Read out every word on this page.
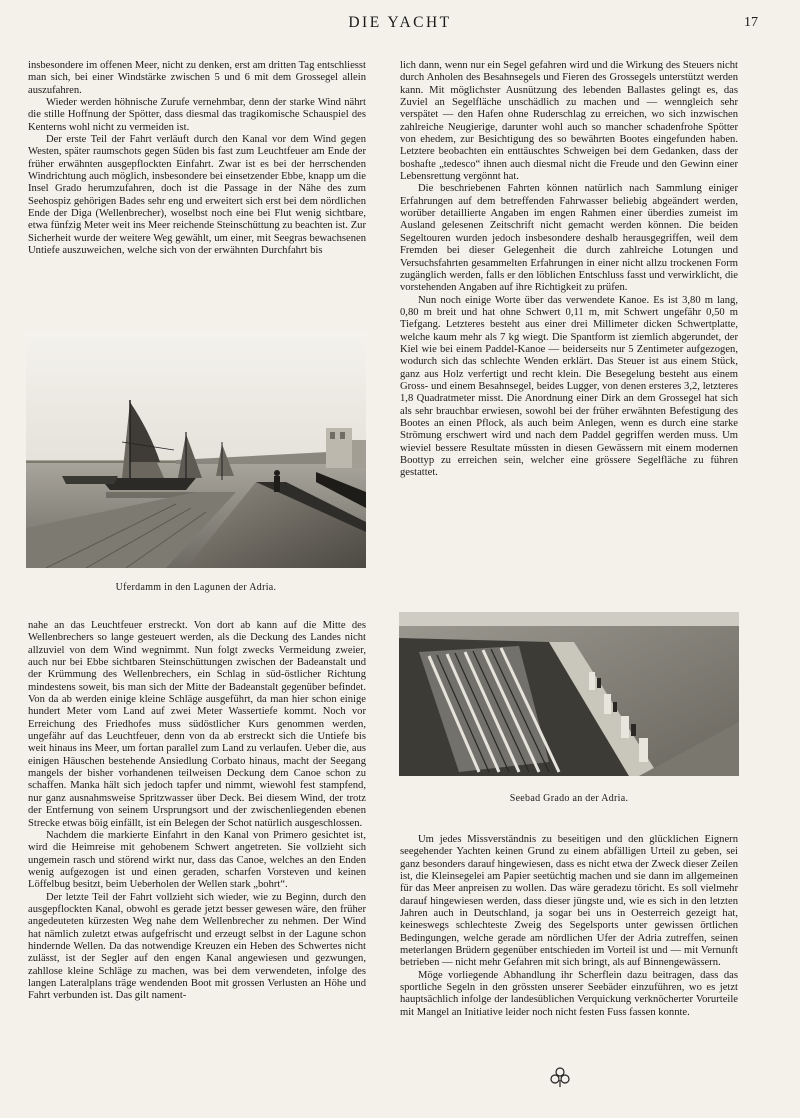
DIE YACHT	17

insbesondere im offenen Meer, nicht zu denken, erst am dritten Tag entschliesst man sich, bei einer Windstärke zwischen 5 und 6 mit dem Grossegel allein auszufahren.

Wieder werden höhnische Zurufe vernehmbar, denn der starke Wind nährt die stille Hoffnung der Spötter, dass diesmal das tragikomische Schauspiel des Kenterns wohl nicht zu vermeiden ist.

Der erste Teil der Fahrt verläuft durch den Kanal vor dem Wind gegen Westen, später raumschots gegen Süden bis fast zum Leuchtfeuer am Ende der früher erwähnten ausgepflockten Einfahrt. Zwar ist es bei der herrschenden Windrichtung auch möglich, insbesondere bei einsetzender Ebbe, knapp um die Insel Grado herumzufahren, doch ist die Passage in der Nähe des zum Seehospiz gehörigen Bades sehr eng und erweitert sich erst bei dem nördlichen Ende der Diga (Wellenbrecher), woselbst noch eine bei Flut wenig sichtbare, etwa fünfzig Meter weit ins Meer reichende Steinschüttung zu beachten ist. Zur Sicherheit wurde der weitere Weg gewählt, um einer, mit Seegras bewachsenen Untiefe auszuweichen, welche sich von der erwähnten Durchfahrt bis

Uferdamm in den Lagunen der Adria.

nahe an das Leuchtfeuer erstreckt. Von dort ab kann auf die Mitte des Wellenbrechers so lange gesteuert werden, als die Deckung des Landes nicht allzuviel von dem Wind wegnimmt. Nun folgt zwecks Vermeidung zweier, auch nur bei Ebbe sichtbaren Steinschüttungen zwischen der Badeanstalt und der Krümmung des Wellenbrechers, ein Schlag in süd-östlicher Richtung mindestens soweit, bis man sich der Mitte der Badeanstalt gegenüber befindet. Von da ab werden einige kleine Schläge ausgeführt, da man hier schon einige hundert Meter vom Land auf zwei Meter Wassertiefe kommt. Noch vor Erreichung des Friedhofes muss südöstlicher Kurs genommen werden, ungefähr auf das Leuchtfeuer, denn von da ab erstreckt sich die Untiefe bis weit hinaus ins Meer, um fortan parallel zum Land zu verlaufen. Ueber die, aus einigen Häuschen bestehende Ansiedlung Corbato hinaus, macht der Seegang mangels der bisher vorhandenen teilweisen Deckung dem Canoe schon zu schaffen. Manka hält sich jedoch tapfer und nimmt, wiewohl fest stampfend, nur ganz ausnahmsweise Spritzwasser über Deck. Bei diesem Wind, der trotz der Entfernung von seinem Ursprungsort und der zwischenliegenden ebenen Strecke etwas böig einfällt, ist ein Belegen der Schot natürlich ausgeschlossen.

Nachdem die markierte Einfahrt in den Kanal von Primero gesichtet ist, wird die Heimreise mit gehobenem Schwert angetreten. Sie vollzieht sich ungemein rasch und störend wirkt nur, dass das Canoe, welches an den Enden wenig aufgezogen ist und einen geraden, scharfen Vorsteven und keinen Löffelbug besitzt, beim Ueberholen der Wellen stark „bohrt“.

Der letzte Teil der Fahrt vollzieht sich wieder, wie zu Beginn, durch den ausgepflockten Kanal, obwohl es gerade jetzt besser gewesen wäre, den früher angedeuteten kürzesten Weg nahe dem Wellenbrecher zu nehmen. Der Wind hat nämlich zuletzt etwas aufgefrischt und erzeugt selbst in der Lagune schon hindernde Wellen. Da das notwendige Kreuzen ein Heben des Schwertes nicht zulässt, ist der Segler auf den engen Kanal angewiesen und gezwungen, zahllose kleine Schläge zu machen, was bei dem verwendeten, infolge des langen Lateralplans träge wendenden Boot mit grossen Verlusten an Höhe und Fahrt verbunden ist. Das gilt nament-

lich dann, wenn nur ein Segel gefahren wird und die Wirkung des Steuers nicht durch Anholen des Besahnsegels und Fieren des Grossegels unterstützt werden kann. Mit möglichster Ausnützung des lebenden Ballastes gelingt es, das Zuviel an Segelfläche unschädlich zu machen und — wenngleich sehr verspätet — den Hafen ohne Ruderschlag zu erreichen, wo sich inzwischen zahlreiche Neugierige, darunter wohl auch so mancher schadenfrohe Spötter von ehedem, zur Besichtigung des so bewährten Bootes eingefunden haben. Letztere beobachten ein enttäuschtes Schweigen bei dem Gedanken, dass der boshafte „tedesco“ ihnen auch diesmal nicht die Freude und den Gewinn einer Lebensrettung vergönnt hat.

Die beschriebenen Fahrten können natürlich nach Sammlung einiger Erfahrungen auf dem betreffenden Fahrwasser beliebig abgeändert werden, worüber detaillierte Angaben im engen Rahmen einer überdies zumeist im Ausland gelesenen Zeitschrift nicht gemacht werden können. Die beiden Segeltouren wurden jedoch insbesondere deshalb herausgegriffen, weil dem Fremden bei dieser Gelegenheit die durch zahlreiche Lotungen und Versuchsfahrten gesammelten Erfahrungen in einer nicht allzu trockenen Form zugänglich werden, falls er den löblichen Entschluss fasst und verwirklicht, die vorstehenden Angaben auf ihre Richtigkeit zu prüfen.

Nun noch einige Worte über das verwendete Kanoe. Es ist 3,80 m lang, 0,80 m breit und hat ohne Schwert 0,11 m, mit Schwert ungefähr 0,50 m Tiefgang. Letzteres besteht aus einer drei Millimeter dicken Schwertplatte, welche kaum mehr als 7 kg wiegt. Die Spantform ist ziemlich abgerundet, der Kiel wie bei einem Paddel-Kanoe — beiderseits nur 5 Zentimeter aufgezogen, wodurch sich das schlechte Wenden erklärt. Das Steuer ist aus einem Stück, ganz aus Holz verfertigt und recht klein. Die Besegelung besteht aus einem Gross- und einem Besahnsegel, beides Lugger, von denen ersteres 3,2, letzteres 1,8 Quadratmeter misst. Die Anordnung einer Dirk an dem Grossegel hat sich als sehr brauchbar erwiesen, sowohl bei der früher erwähnten Befestigung des Bootes an einen Pflock, als auch beim Anlegen, wenn es durch eine starke Strömung erschwert wird und nach dem Paddel gegriffen werden muss. Um wieviel bessere Resultate müssten in diesen Gewässern mit einem modernen Boottyp zu erreichen sein, welcher eine grössere Segelfläche zu führen gestattet.

Seebad Grado an der Adria.

Um jedes Missverständnis zu beseitigen und den glücklichen Eignern seegehender Yachten keinen Grund zu einem abfälligen Urteil zu geben, sei ganz besonders darauf hingewiesen, dass es nicht etwa der Zweck dieser Zeilen ist, die Kleinsegelei am Papier seetüchtig machen und sie dann im allgemeinen für das Meer anpreisen zu wollen. Das wäre geradezu töricht. Es soll vielmehr darauf hingewiesen werden, dass dieser jüngste und, wie es sich in den letzten Jahren auch in Deutschland, ja sogar bei uns in Oesterreich gezeigt hat, keineswegs schlechteste Zweig des Segelsports unter gewissen örtlichen Bedingungen, welche gerade am nördlichen Ufer der Adria zutreffen, seinen meterlangen Brüdern gegenüber entschieden im Vorteil ist und — mit Vernunft betrieben — nicht mehr Gefahren mit sich bringt, als auf Binnengewässern.

Möge vorliegende Abhandlung ihr Scherflein dazu beitragen, dass das sportliche Segeln in den grössten unserer Seebäder einzuführen, wo es jetzt hauptsächlich infolge der landesüblichen Verquickung verknöcherter Vorurteile mit Mangel an Initiative leider noch nicht festen Fuss fassen konnte.
